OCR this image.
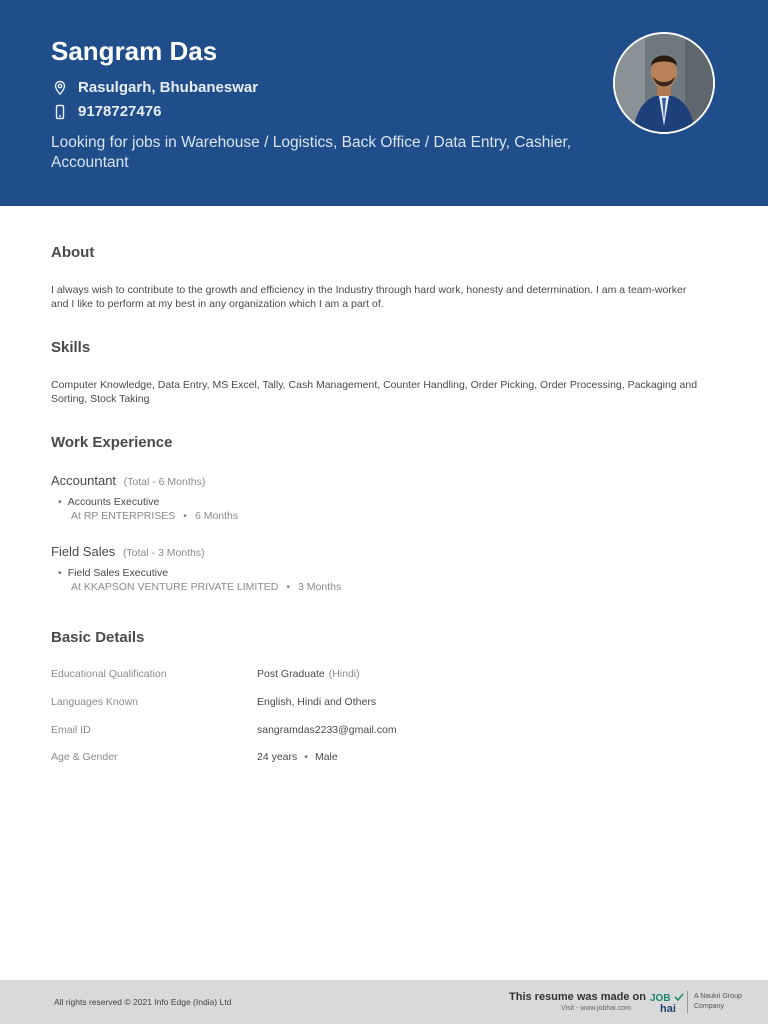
Sangram Das
Rasulgarh, Bhubaneswar
9178727476
Looking for jobs in Warehouse / Logistics, Back Office / Data Entry, Cashier, Accountant
About
I always wish to contribute to the growth and efficiency in the Industry through hard work, honesty and determination. I am a team-worker and I like to perform at my best in any organization which I am a part of.
Skills
Computer Knowledge, Data Entry, MS Excel, Tally, Cash Management, Counter Handling, Order Picking, Order Processing, Packaging and Sorting, Stock Taking
Work Experience
Accountant (Total - 6 Months)
• Accounts Executive
At RP ENTERPRISES • 6 Months
Field Sales (Total - 3 Months)
• Field Sales Executive
At KKAPSON VENTURE PRIVATE LIMITED • 3 Months
Basic Details
Educational Qualification	Post Graduate (Hindi)
Languages Known	English, Hindi and Others
Email ID	sangramdas2233@gmail.com
Age & Gender	24 years • Male
All rights reserved © 2021 Info Edge (India) Ltd	This resume was made on
Visit - www.jobhai.com
JOB
hai
A Naukri Group Company
